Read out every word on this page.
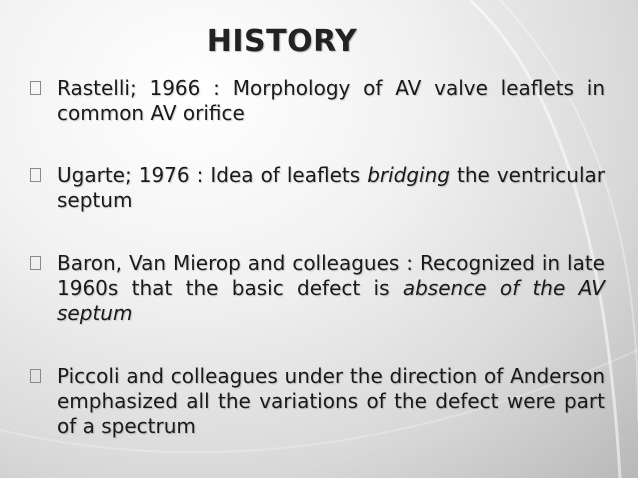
HISTORY
Rastelli; 1966 : Morphology of AV valve leaflets in common AV orifice
Ugarte; 1976 : Idea of leaflets bridging the ventricular septum
Baron, Van Mierop and colleagues : Recognized in late 1960s that the basic defect is absence of the AV septum
Piccoli and colleagues under the direction of Anderson emphasized all the variations of the defect were part of a spectrum
